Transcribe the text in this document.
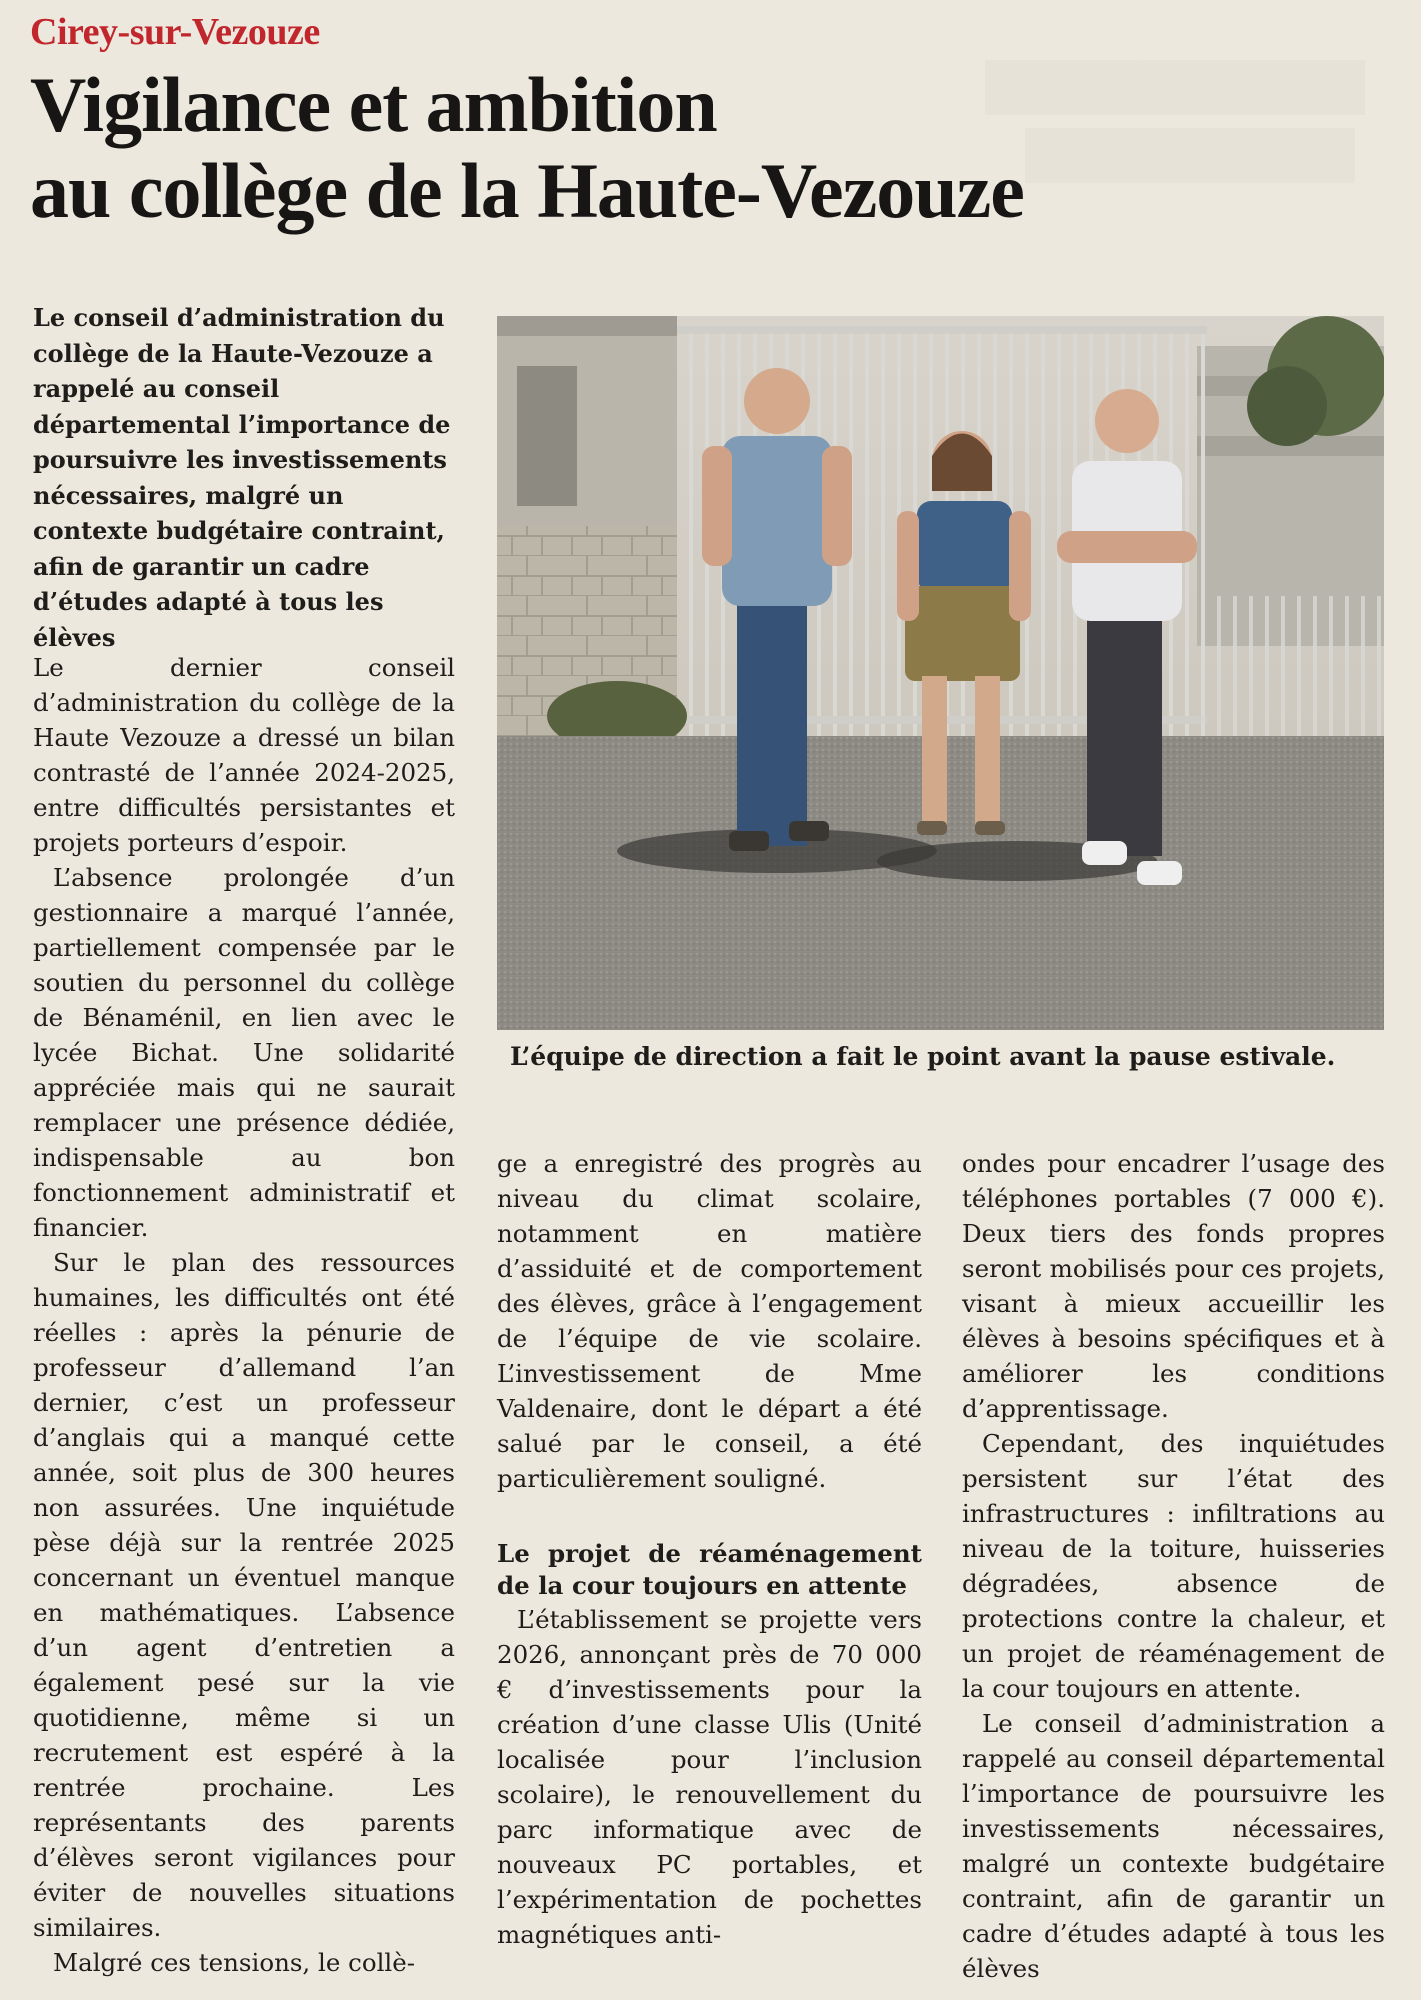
Cirey-sur-Vezouze
Vigilance et ambition
au collège de la Haute-Vezouze
Le conseil d’administration du collège de la Haute-Vezouze a rappelé au conseil départemental l’importance de poursuivre les investissements nécessaires, malgré un contexte budgétaire contraint, afin de garantir un cadre d’études adapté à tous les élèves

Le dernier conseil d’administration du collège de la Haute Vezouze a dressé un bilan contrasté de l’année 2024-2025, entre difficultés persistantes et projets porteurs d’espoir.

L’absence prolongée d’un gestionnaire a marqué l’année, partiellement compensée par le soutien du personnel du collège de Bénaménil, en lien avec le lycée Bichat. Une solidarité appréciée mais qui ne saurait remplacer une présence dédiée, indispensable au bon fonctionnement administratif et financier.

Sur le plan des ressources humaines, les difficultés ont été réelles : après la pénurie de professeur d’allemand l’an dernier, c’est un professeur d’anglais qui a manqué cette année, soit plus de 300 heures non assurées. Une inquiétude pèse déjà sur la rentrée 2025 concernant un éventuel manque en mathématiques. L’absence d’un agent d’entretien a également pesé sur la vie quotidienne, même si un recrutement est espéré à la rentrée prochaine. Les représentants des parents d’élèves seront vigilances pour éviter de nouvelles situations similaires.

Malgré ces tensions, le collè-

L’équipe de direction a fait le point avant la pause estivale.

ge a enregistré des progrès au niveau du climat scolaire, notamment en matière d’assiduité et de comportement des élèves, grâce à l’engagement de l’équipe de vie scolaire. L’investissement de Mme Valdenaire, dont le départ a été salué par le conseil, a été particulièrement souligné.

Le projet de réaménagement de la cour toujours en attente

L’établissement se projette vers 2026, annonçant près de 70 000 € d’investissements pour la création d’une classe Ulis (Unité localisée pour l’inclusion scolaire), le renouvellement du parc informatique avec de nouveaux PC portables, et l’expérimentation de pochettes magnétiques anti-

ondes pour encadrer l’usage des téléphones portables (7 000 €). Deux tiers des fonds propres seront mobilisés pour ces projets, visant à mieux accueillir les élèves à besoins spécifiques et à améliorer les conditions d’apprentissage.

Cependant, des inquiétudes persistent sur l’état des infrastructures : infiltrations au niveau de la toiture, huisseries dégradées, absence de protections contre la chaleur, et un projet de réaménagement de la cour toujours en attente.

Le conseil d’administration a rappelé au conseil départemental l’importance de poursuivre les investissements nécessaires, malgré un contexte budgétaire contraint, afin de garantir un cadre d’études adapté à tous les élèves
